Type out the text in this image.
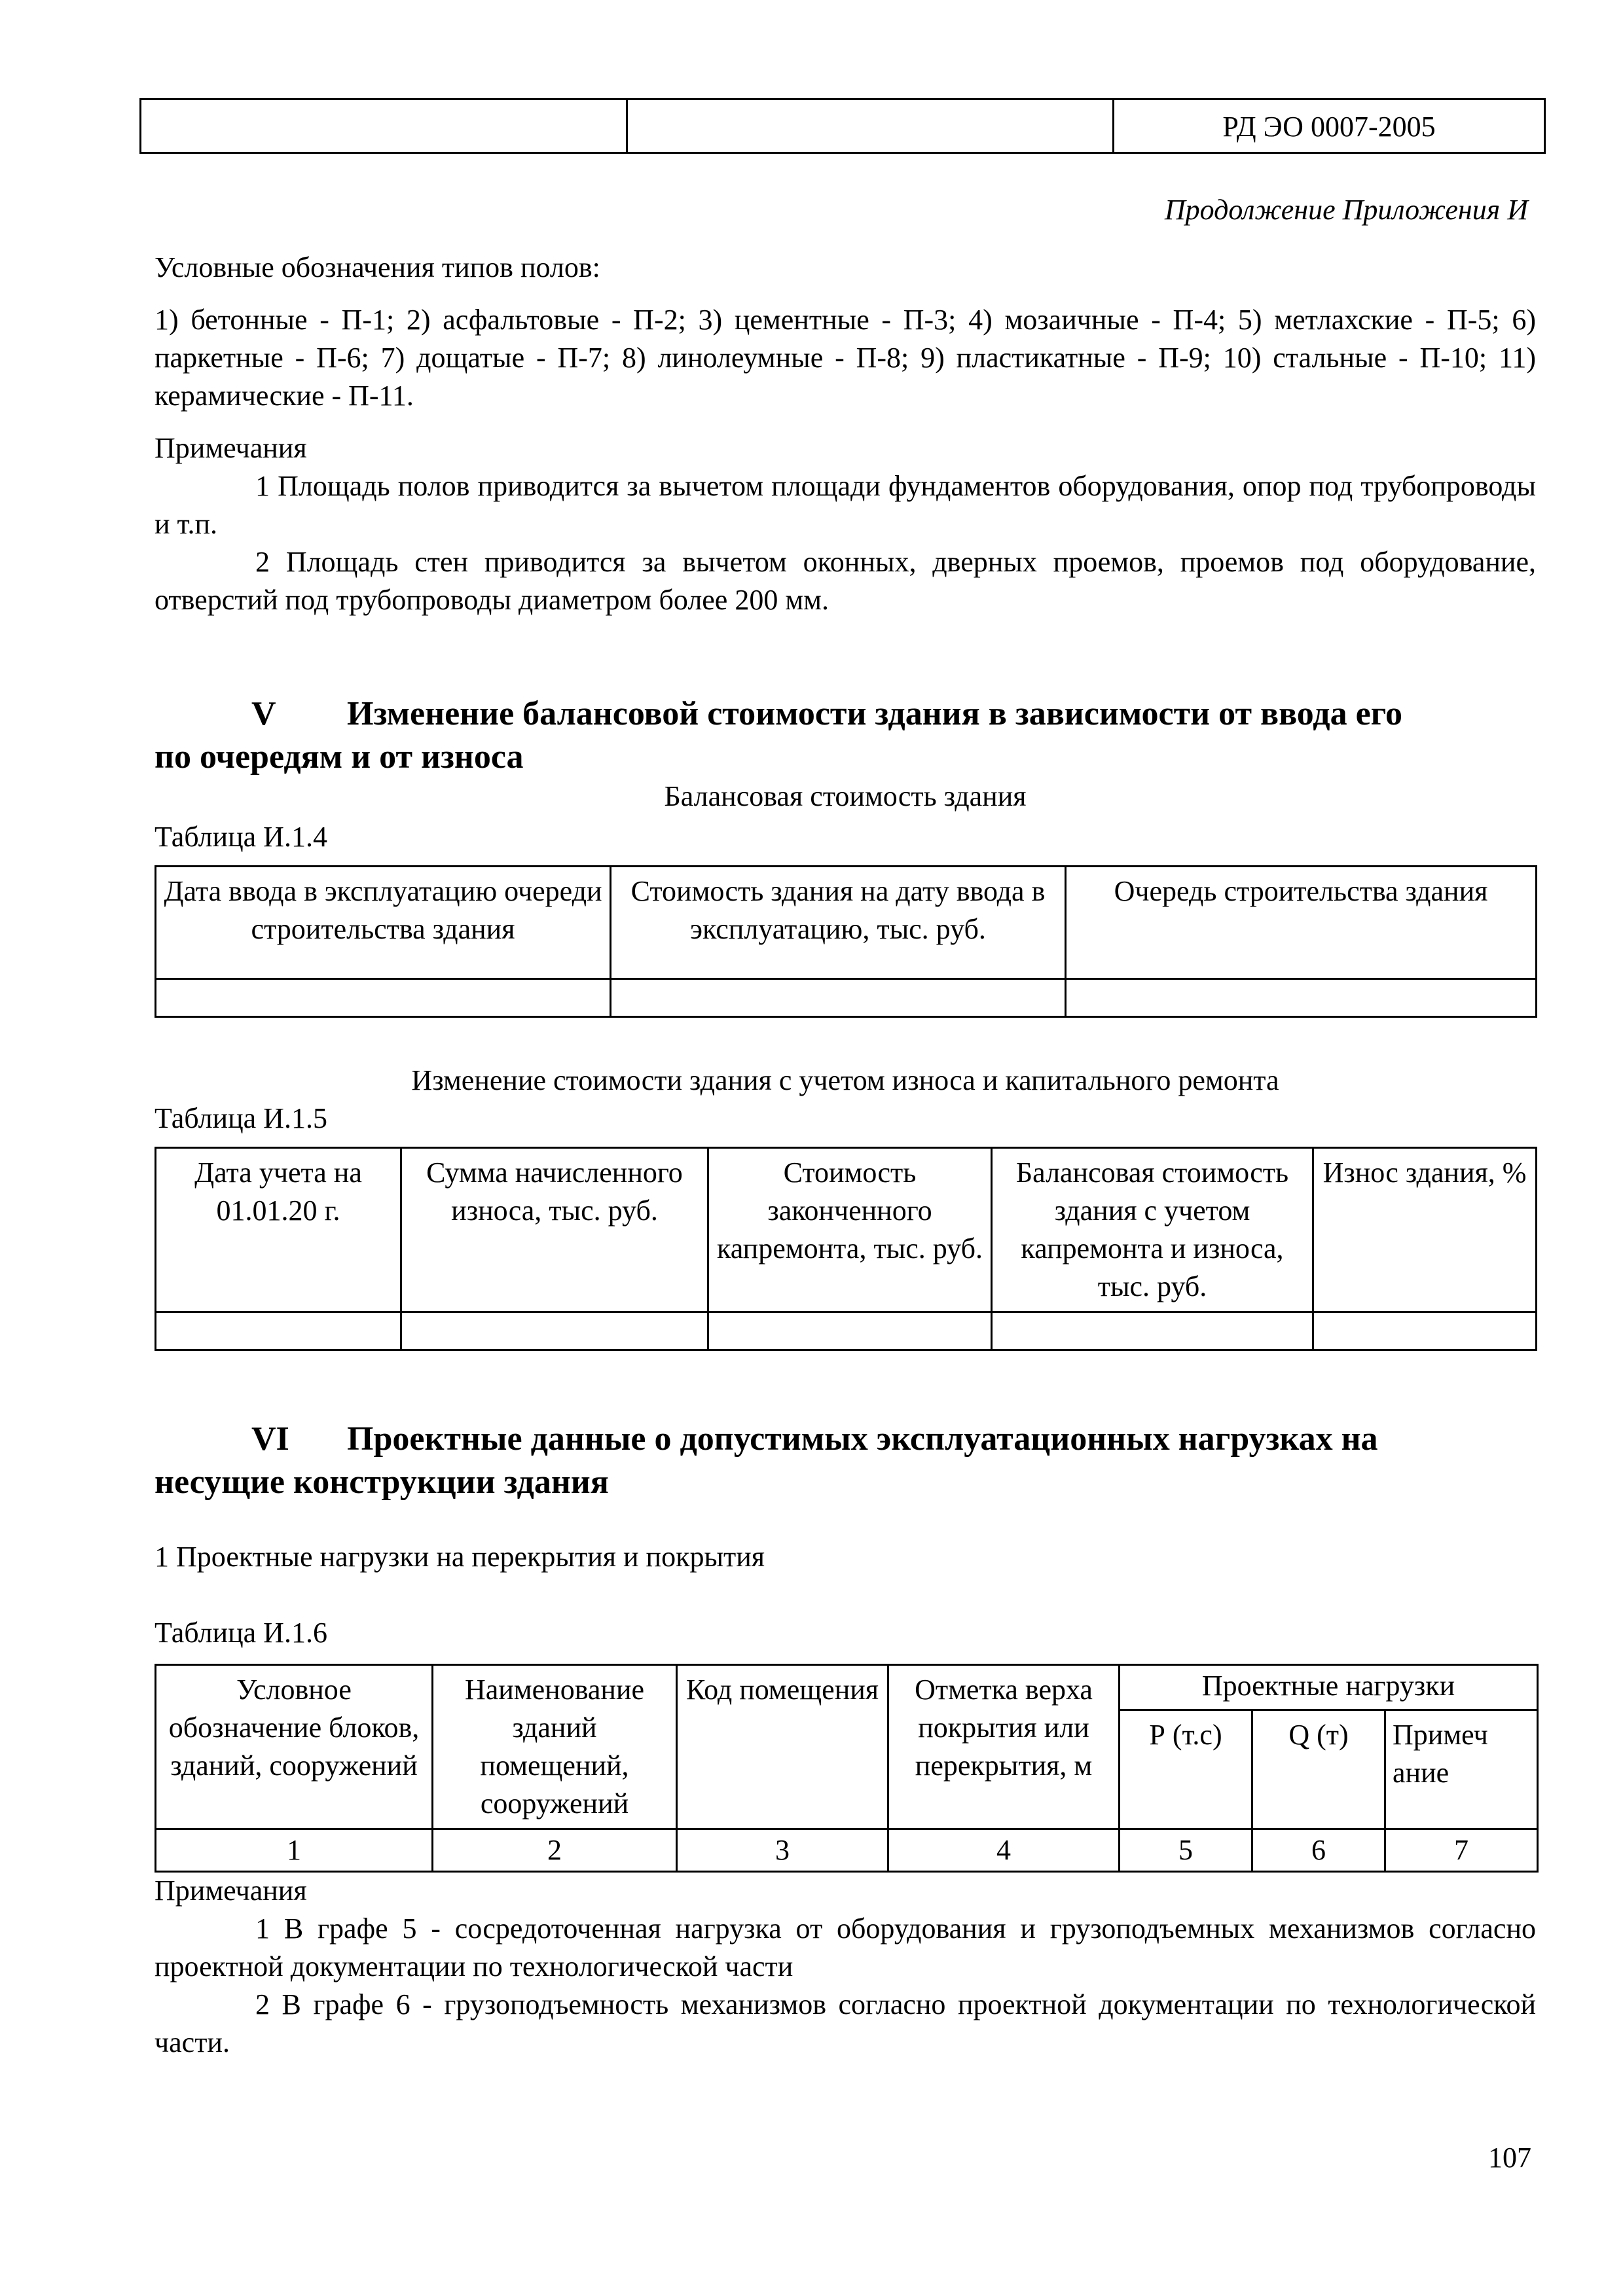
		РД ЭО 0007-2005
Продолжение Приложения И
Условные обозначения типов полов:
1) бетонные - П-1; 2) асфальтовые - П-2; 3) цементные - П-3; 4) мозаичные - П-4; 5) метлахские - П-5; 6) паркетные - П-6; 7) дощатые - П-7; 8) линолеумные - П-8; 9) пластикатные - П-9; 10) стальные - П-10; 11) керамические - П-11.
Примечания
1 Площадь полов приводится за вычетом площади фундаментов оборудования, опор под трубопроводы и т.п.
2 Площадь стен приводится за вычетом оконных, дверных проемов, проемов под оборудование, отверстий под трубопроводы диаметром более 200 мм.
V Изменение балансовой стоимости здания в зависимости от ввода его
по очередям и от износа
Балансовая стоимость здания
Таблица И.1.4
Дата ввода в эксплуатацию очереди строительства здания	Стоимость здания на дату ввода в эксплуатацию, тыс. руб.	Очередь строительства здания

Изменение стоимости здания с учетом износа и капитального ремонта
Таблица И.1.5
Дата учета на 01.01.20 г.	Сумма начисленного износа, тыс. руб.	Стоимость законченного капремонта, тыс. руб.	Балансовая стоимость здания с учетом капремонта и износа, тыс. руб.	Износ здания, %

VI Проектные данные о допустимых эксплуатационных нагрузках на
несущие конструкции здания
1 Проектные нагрузки на перекрытия и покрытия
Таблица И.1.6
Условное обозначение блоков, зданий, сооружений	Наименование зданий помещений, сооружений	Код помещения	Отметка верха покрытия или перекрытия, м	Проектные нагрузки		
				Р (т.с)	Q (т)	Примеч ание
1	2	3	4	5	6	7
Примечания
1 В графе 5 - сосредоточенная нагрузка от оборудования и грузоподъемных механизмов согласно проектной документации по технологической части
2 В графе 6 - грузоподъемность механизмов согласно проектной документации по технологической части.
107
